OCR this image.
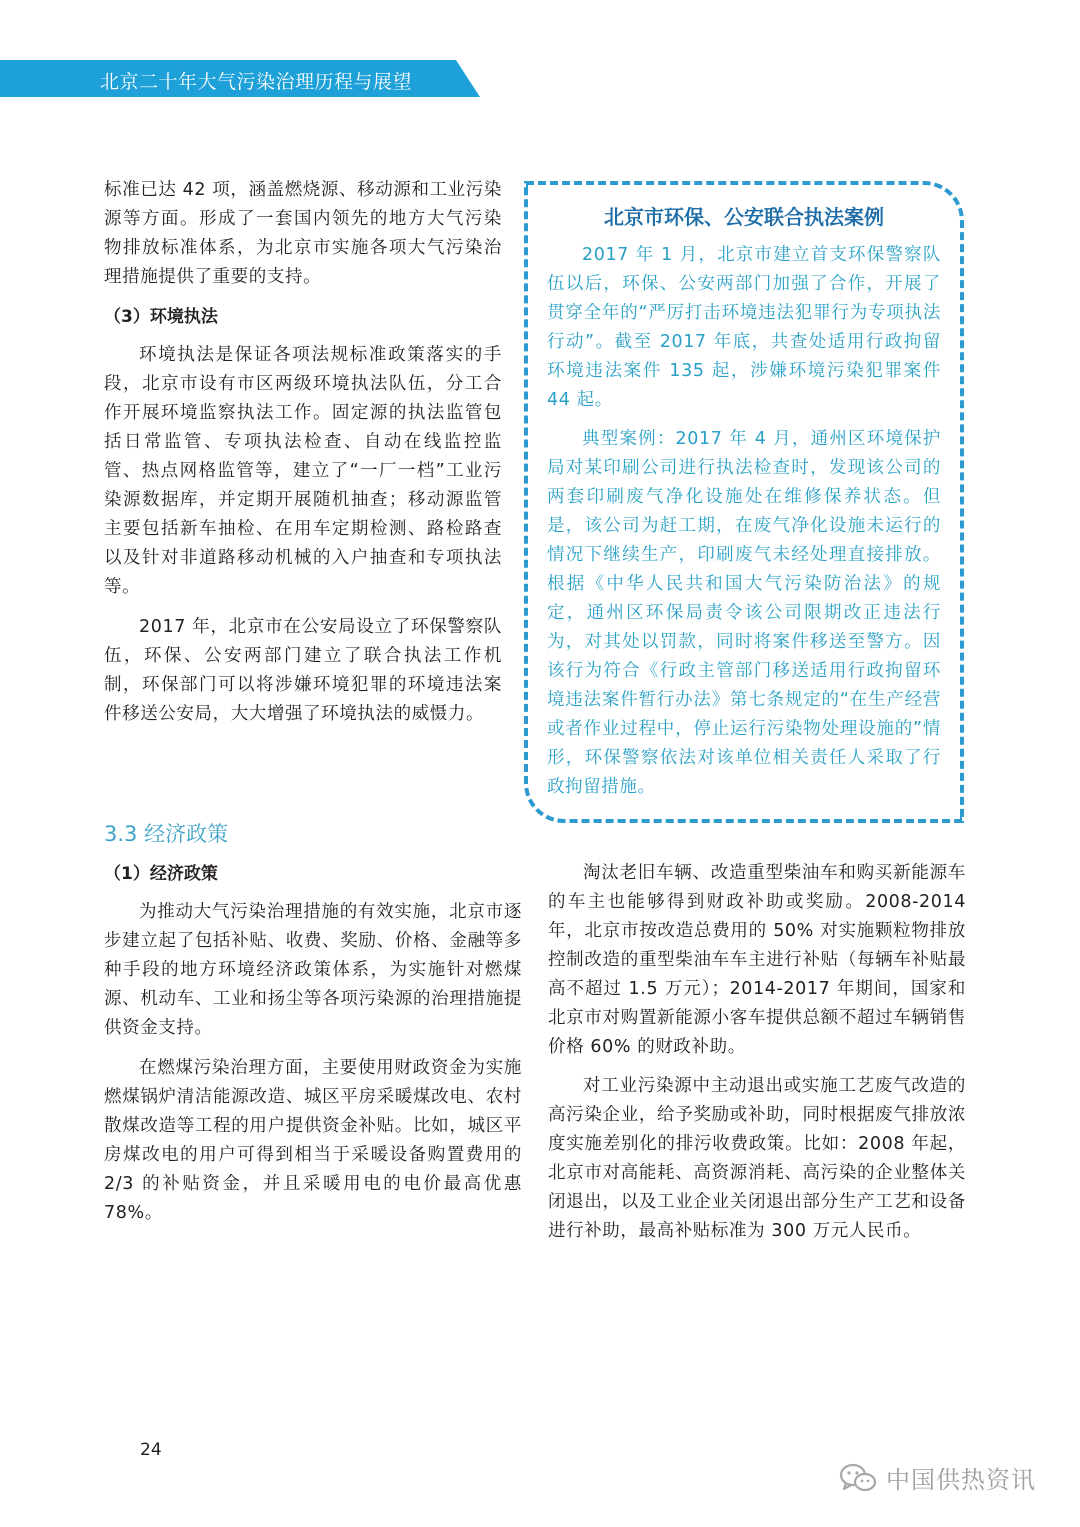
北京二十年大气污染治理历程与展望

标准已达 42 项，涵盖燃烧源、移动源和工业污染源等方面。形成了一套国内领先的地方大气污染物排放标准体系，为北京市实施各项大气污染治理措施提供了重要的支持。

（3）环境执法

环境执法是保证各项法规标准政策落实的手段，北京市设有市区两级环境执法队伍，分工合作开展环境监察执法工作。固定源的执法监管包括日常监管、专项执法检查、自动在线监控监管、热点网格监管等，建立了“一厂一档”工业污染源数据库，并定期开展随机抽查；移动源监管主要包括新车抽检、在用车定期检测、路检路查以及针对非道路移动机械的入户抽查和专项执法等。

2017 年，北京市在公安局设立了环保警察队伍，环保、公安两部门建立了联合执法工作机制，环保部门可以将涉嫌环境犯罪的环境违法案件移送公安局，大大增强了环境执法的威慑力。

北京市环保、公安联合执法案例

2017 年 1 月，北京市建立首支环保警察队伍以后，环保、公安两部门加强了合作，开展了贯穿全年的“严厉打击环境违法犯罪行为专项执法行动”。截至 2017 年底，共查处适用行政拘留环境违法案件 135 起，涉嫌环境污染犯罪案件 44 起。

典型案例：2017 年 4 月，通州区环境保护局对某印刷公司进行执法检查时，发现该公司的两套印刷废气净化设施处在维修保养状态。但是，该公司为赶工期，在废气净化设施未运行的情况下继续生产，印刷废气未经处理直接排放。根据《中华人民共和国大气污染防治法》的规定，通州区环保局责令该公司限期改正违法行为，对其处以罚款，同时将案件移送至警方。因该行为符合《行政主管部门移送适用行政拘留环境违法案件暂行办法》第七条规定的“在生产经营或者作业过程中，停止运行污染物处理设施的”情形，环保警察依法对该单位相关责任人采取了行政拘留措施。

3.3 经济政策

（1）经济政策

为推动大气污染治理措施的有效实施，北京市逐步建立起了包括补贴、收费、奖励、价格、金融等多种手段的地方环境经济政策体系，为实施针对燃煤源、机动车、工业和扬尘等各项污染源的治理措施提供资金支持。

在燃煤污染治理方面，主要使用财政资金为实施燃煤锅炉清洁能源改造、城区平房采暖煤改电、农村散煤改造等工程的用户提供资金补贴。比如，城区平房煤改电的用户可得到相当于采暖设备购置费用的 2/3 的补贴资金，并且采暖用电的电价最高优惠 78%。

淘汰老旧车辆、改造重型柴油车和购买新能源车的车主也能够得到财政补助或奖励。2008-2014 年，北京市按改造总费用的 50% 对实施颗粒物排放控制改造的重型柴油车车主进行补贴（每辆车补贴最高不超过 1.5 万元）；2014-2017 年期间，国家和北京市对购置新能源小客车提供总额不超过车辆销售价格 60% 的财政补助。

对工业污染源中主动退出或实施工艺废气改造的高污染企业，给予奖励或补助，同时根据废气排放浓度实施差别化的排污收费政策。比如：2008 年起，北京市对高能耗、高资源消耗、高污染的企业整体关闭退出，以及工业企业关闭退出部分生产工艺和设备进行补助，最高补贴标准为 300 万元人民币。

24
中国供热资讯
